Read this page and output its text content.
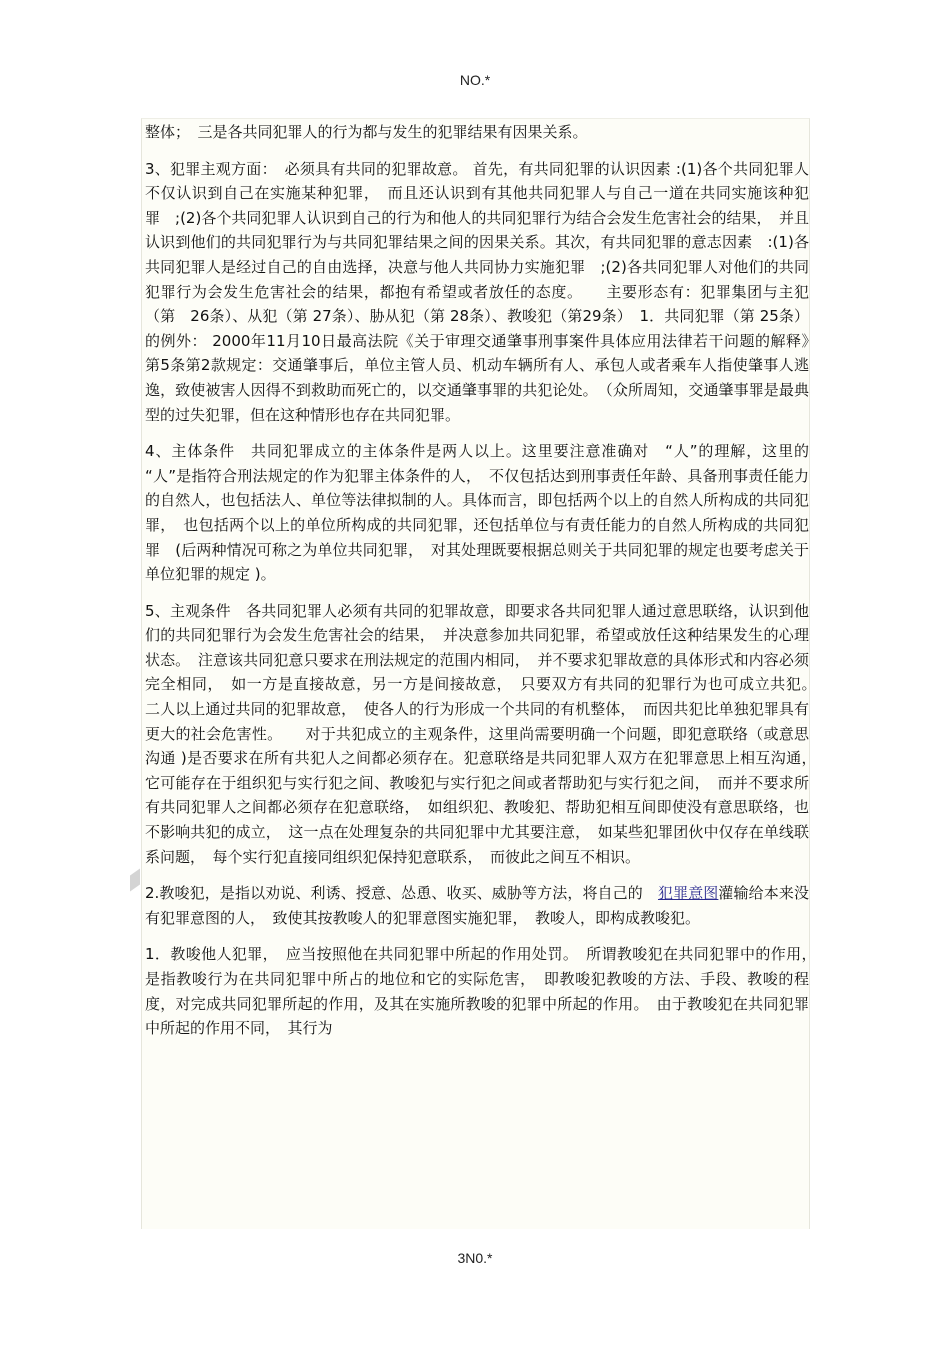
NO.*

整体；　三是各共同犯罪人的行为都与发生的犯罪结果有因果关系。

3、犯罪主观方面：　必须具有共同的犯罪故意。 首先，有共同犯罪的认识因素 :(1)各个共同犯罪人不仅认识到自己在实施某种犯罪，　而且还认识到有其他共同犯罪人与自己一道在共同实施该种犯罪　;(2)各个共同犯罪人认识到自己的行为和他人的共同犯罪行为结合会发生危害社会的结果，　并且认识到他们的共同犯罪行为与共同犯罪结果之间的因果关系。其次，有共同犯罪的意志因素　:(1)各共同犯罪人是经过自己的自由选择，决意与他人共同协力实施犯罪　;(2)各共同犯罪人对他们的共同犯罪行为会发生危害社会的结果，都抱有希望或者放任的态度。　　主要形态有：犯罪集团与主犯（第　26条）、从犯（第 27条）、胁从犯（第 28条）、教唆犯（第29条）　1．共同犯罪（第 25条）的例外： 2000年11月10日最高法院《关于审理交通肇事刑事案件具体应用法律若干问题的解释》　第5条第2款规定：交通肇事后，单位主管人员、机动车辆所有人、承包人或者乘车人指使肇事人逃逸，致使被害人因得不到救助而死亡的，以交通肇事罪的共犯论处。　（众所周知，交通肇事罪是最典型的过失犯罪，但在这种情形也存在共同犯罪。

4、主体条件　共同犯罪成立的主体条件是两人以上。这里要注意准确对　“人”的理解，这里的 “人”是指符合刑法规定的作为犯罪主体条件的人，　不仅包括达到刑事责任年龄、具备刑事责任能力的自然人，也包括法人、单位等法律拟制的人。具体而言，即包括两个以上的自然人所构成的共同犯罪，　也包括两个以上的单位所构成的共同犯罪，还包括单位与有责任能力的自然人所构成的共同犯罪　(后两种情况可称之为单位共同犯罪，　对其处理既要根据总则关于共同犯罪的规定也要考虑关于单位犯罪的规定 )。

5、主观条件　各共同犯罪人必须有共同的犯罪故意，即要求各共同犯罪人通过意思联络，认识到他们的共同犯罪行为会发生危害社会的结果，　并决意参加共同犯罪，希望或放任这种结果发生的心理状态。　注意该共同犯意只要求在刑法规定的范围内相同，　并不要求犯罪故意的具体形式和内容必须完全相同，　如一方是直接故意，另一方是间接故意，　只要双方有共同的犯罪行为也可成立共犯。　二人以上通过共同的犯罪故意，　使各人的行为形成一个共同的有机整体，　而因共犯比单独犯罪具有更大的社会危害性。　　对于共犯成立的主观条件，这里尚需要明确一个问题，即犯意联络（或意思沟通 )是否要求在所有共犯人之间都必须存在。犯意联络是共同犯罪人双方在犯罪意思上相互沟通，　它可能存在于组织犯与实行犯之间、教唆犯与实行犯之间或者帮助犯与实行犯之间，　而并不要求所有共同犯罪人之间都必须存在犯意联络，　如组织犯、教唆犯、帮助犯相互间即使没有意思联络，也不影响共犯的成立，　这一点在处理复杂的共同犯罪中尤其要注意，　如某些犯罪团伙中仅存在单线联系问题，　每个实行犯直接同组织犯保持犯意联系，　而彼此之间互不相识。

2.教唆犯，是指以劝说、利诱、授意、怂恿、收买、威胁等方法，将自己的　犯罪意图灌输给本来没有犯罪意图的人，　致使其按教唆人的犯罪意图实施犯罪，　教唆人，即构成教唆犯。

1．教唆他人犯罪，　应当按照他在共同犯罪中所起的作用处罚。　所谓教唆犯在共同犯罪中的作用，　是指教唆行为在共同犯罪中所占的地位和它的实际危害，　即教唆犯教唆的方法、手段、教唆的程度，对完成共同犯罪所起的作用，及其在实施所教唆的犯罪中所起的作用。　由于教唆犯在共同犯罪中所起的作用不同，　其行为

3N0.*
